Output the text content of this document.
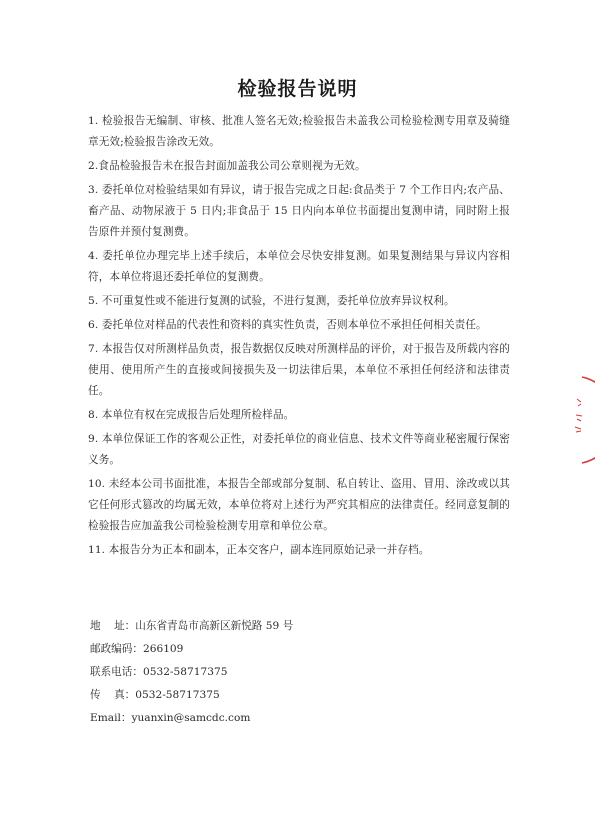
检验报告说明

1. 检验报告无编制、审核、批准人签名无效;检验报告未盖我公司检验检测专用章及骑缝章无效;检验报告涂改无效。

2.食品检验报告未在报告封面加盖我公司公章则视为无效。

3. 委托单位对检验结果如有异议，请于报告完成之日起:食品类于 7 个工作日内;农产品、畜产品、动物尿液于 5 日内;非食品于 15 日内向本单位书面提出复测申请，同时附上报告原件并预付复测费。

4. 委托单位办理完毕上述手续后，本单位会尽快安排复测。如果复测结果与异议内容相符，本单位将退还委托单位的复测费。

5. 不可重复性或不能进行复测的试验，不进行复测，委托单位放弃异议权利。

6. 委托单位对样品的代表性和资料的真实性负责，否则本单位不承担任何相关责任。

7. 本报告仅对所测样品负责，报告数据仅反映对所测样品的评价，对于报告及所载内容的使用、使用所产生的直接或间接损失及一切法律后果，本单位不承担任何经济和法律责任。

8. 本单位有权在完成报告后处理所检样品。

9. 本单位保证工作的客观公正性，对委托单位的商业信息、技术文件等商业秘密履行保密义务。

10. 未经本公司书面批准，本报告全部或部分复制、私自转让、盗用、冒用、涂改或以其它任何形式篡改的均属无效，本单位将对上述行为严究其相应的法律责任。经同意复制的检验报告应加盖我公司检验检测专用章和单位公章。

11. 本报告分为正本和副本，正本交客户，副本连同原始记录一并存档。

地    址： 山东省青岛市高新区新悦路 59 号
邮政编码： 266109
联系电话： 0532-58717375
传    真： 0532-58717375
Email： yuanxin@samcdc.com
